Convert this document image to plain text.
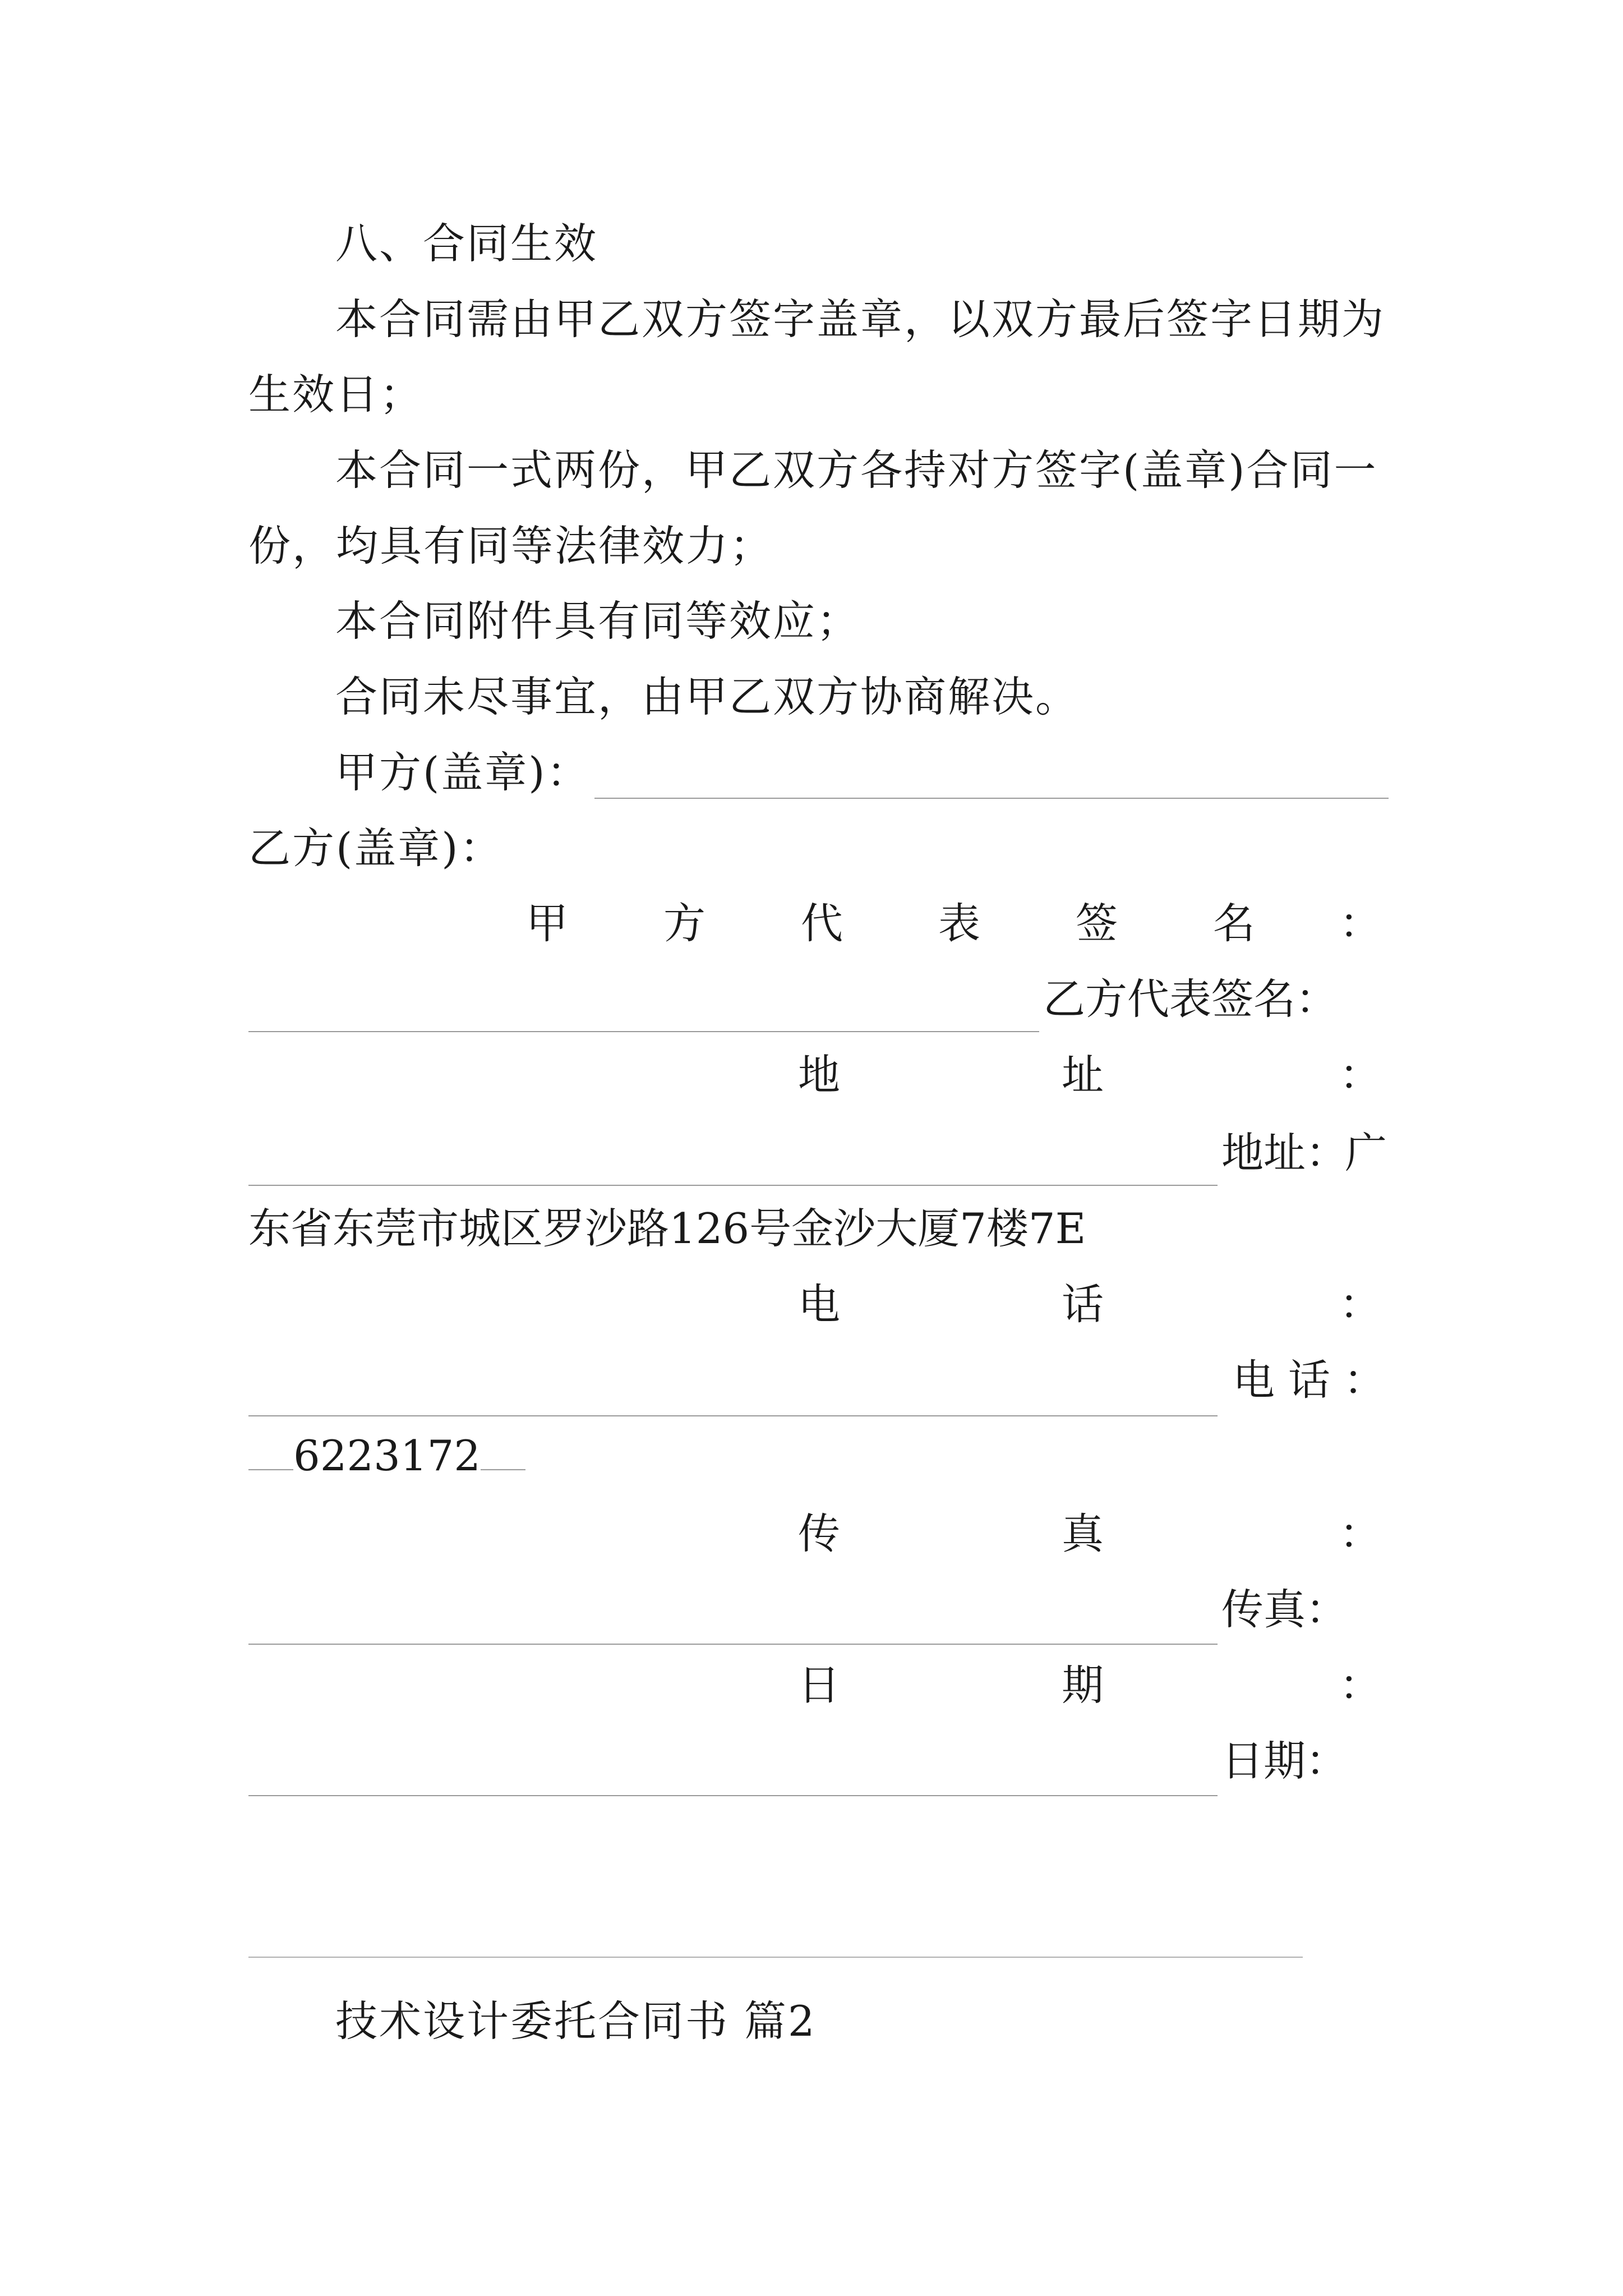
八、合同生效
本合同需由甲乙双方签字盖章，以双方最后签字日期为
生效日；
本合同一式两份，甲乙双方各持对方签字(盖章)合同一
份，均具有同等法律效力；
本合同附件具有同等效应；
合同未尽事宜，由甲乙双方协商解决。
甲方(盖章)：
乙方(盖章)：
甲 方 代 表 签 名 ：
乙方代表签名：
地	址	：
地址：
广
东省东莞市城区罗沙路126号金沙大厦7楼7E
电	话	：
电 话 ：
6223172
传	真	：
传真：
日	期	：
日期：
技术设计委托合同书 篇2
